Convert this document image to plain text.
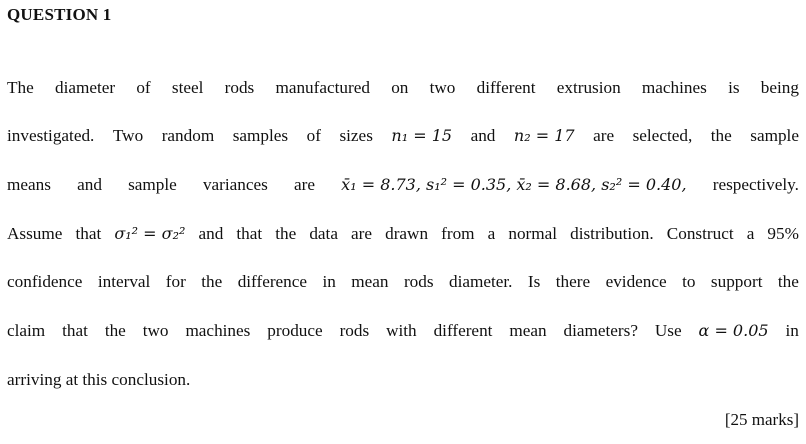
QUESTION 1
The diameter of steel rods manufactured on two different extrusion machines is being
investigated. Two random samples of sizes n₁ = 15 and n₂ = 17 are selected, the sample
means and sample variances are x̄₁ = 8.73, s₁² = 0.35, x̄₂ = 8.68, s₂² = 0.40, respectively.
Assume that σ₁² = σ₂² and that the data are drawn from a normal distribution. Construct a 95%
confidence interval for the difference in mean rods diameter. Is there evidence to support the
claim that the two machines produce rods with different mean diameters? Use α = 0.05 in
arriving at this conclusion.
[25 marks]
